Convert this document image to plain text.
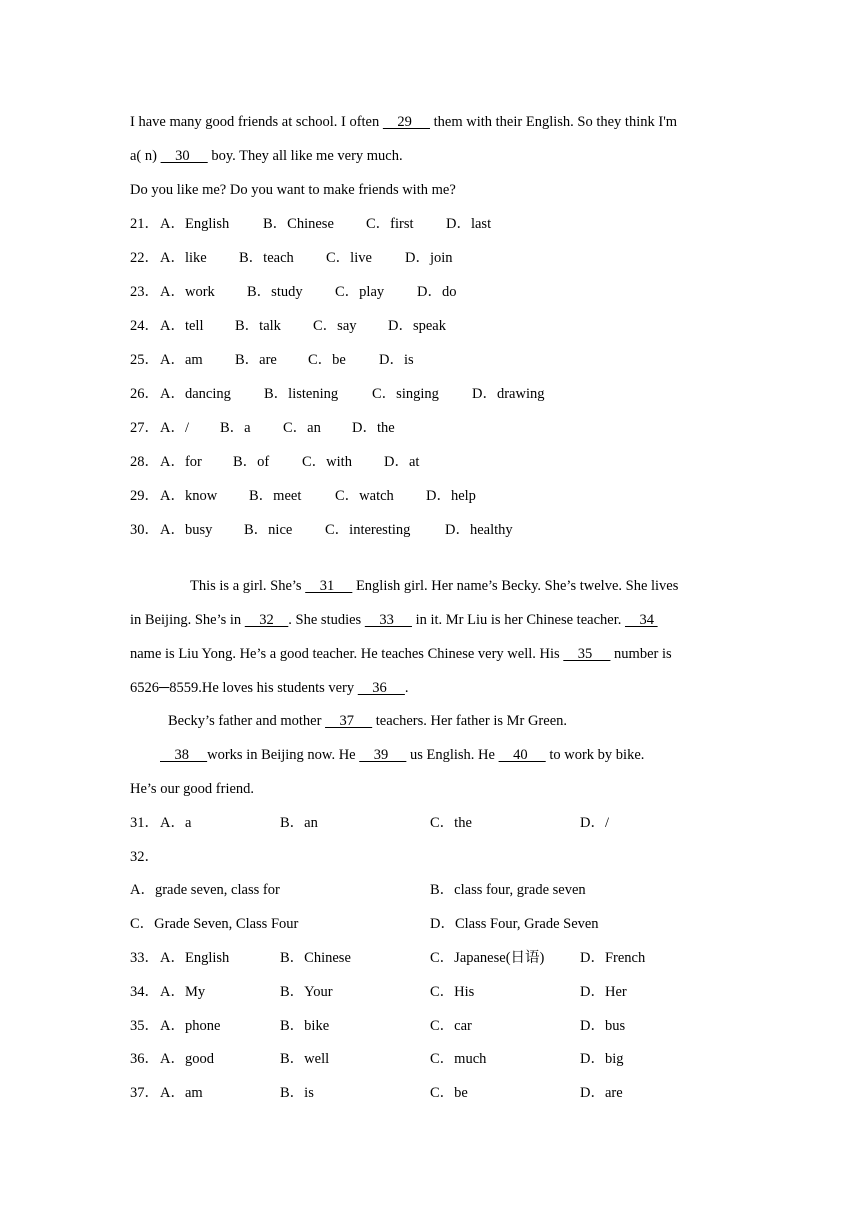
I have many good friends at school. I often     29      them with their English. So they think I'm
a( n)     30      boy. They all like me very much.
Do you like me? Do you want to make friends with me?
21． A．English B．Chinese C．first D．last
22． A．like B．teach C．live D．join
23． A．work B．study C．play D．do
24． A．tell B．talk C．say D．speak
25． A．am B．are C．be D．is
26． A．dancing B．listening C．singing D．drawing
27． A．/ B．a C．an D．the
28． A．for B．of C．with D．at
29． A．know B．meet C．watch D．help
30． A．busy B．nice C．interesting D．healthy
This is a girl. She’s     31      English girl. Her name’s Becky. She’s twelve. She lives
in Beijing. She’s in     32    . She studies     33      in it. Mr Liu is her Chinese teacher.     34
name is Liu Yong. He’s a good teacher. He teaches Chinese very well. His     35      number is
6526─8559.He loves his students very     36     .
Becky’s father and mother     37      teachers. Her father is Mr Green.
38     works in Beijing now. He     39      us English. He     40      to work by bike.
He’s our good friend.
31． A．a	B．an	C．the	D．/
32．
A．grade seven, class for	B．class four, grade seven
C．Grade Seven, Class Four	D．Class Four, Grade Seven
33． A．English	B．Chinese	C．Japanese(日语) D．French
34． A．My	B．Your	C．His	D．Her
35． A．phone	B．bike	C．car	D．bus
36． A．good	B．well	C．much	D．big
37． A．am	B．is	C．be	D．are
